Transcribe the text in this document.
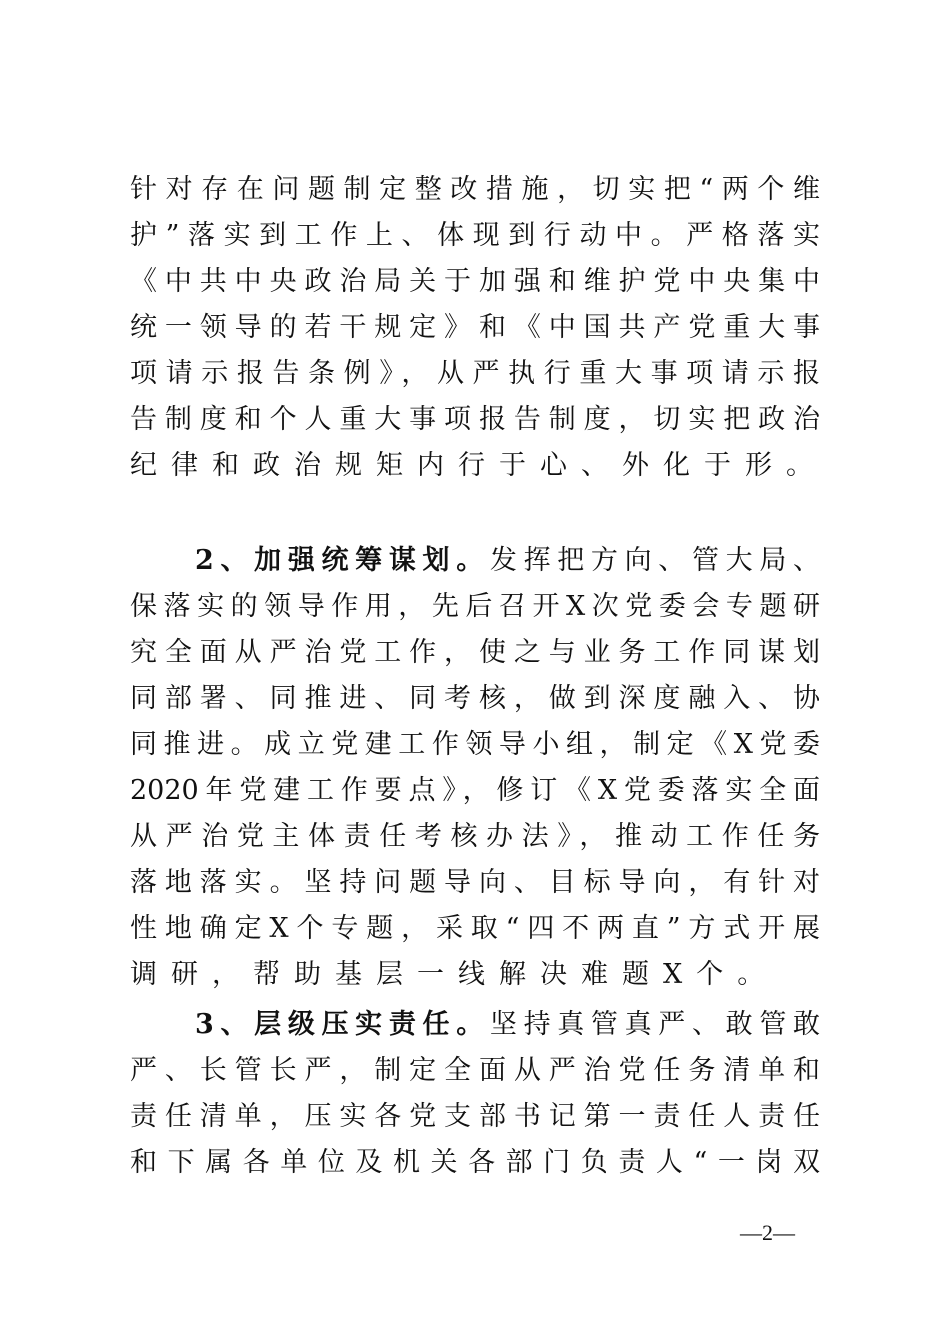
针对存在问题制定整改措施，切实把“两个维
护”落实到工作上、体现到行动中。严格落实
《中共中央政治局关于加强和维护党中央集中
统一领导的若干规定》和《中国共产党重大事
项请示报告条例》，从严执行重大事项请示报
告制度和个人重大事项报告制度，切实把政治
纪律和政治规矩内行于心、外化于形。
2、加强统筹谋划。发挥把方向、管大局、
保落实的领导作用，先后召开X次党委会专题研
究全面从严治党工作，使之与业务工作同谋划
同部署、同推进、同考核，做到深度融入、协
同推进。成立党建工作领导小组，制定《X党委
2020年党建工作要点》，修订《X党委落实全面
从严治党主体责任考核办法》，推动工作任务
落地落实。坚持问题导向、目标导向，有针对
性地确定X个专题，采取“四不两直”方式开展
调研，帮助基层一线解决难题X个。
3、层级压实责任。坚持真管真严、敢管敢
严、长管长严，制定全面从严治党任务清单和
责任清单，压实各党支部书记第一责任人责任
和下属各单位及机关各部门负责人“一岗双
—2—
